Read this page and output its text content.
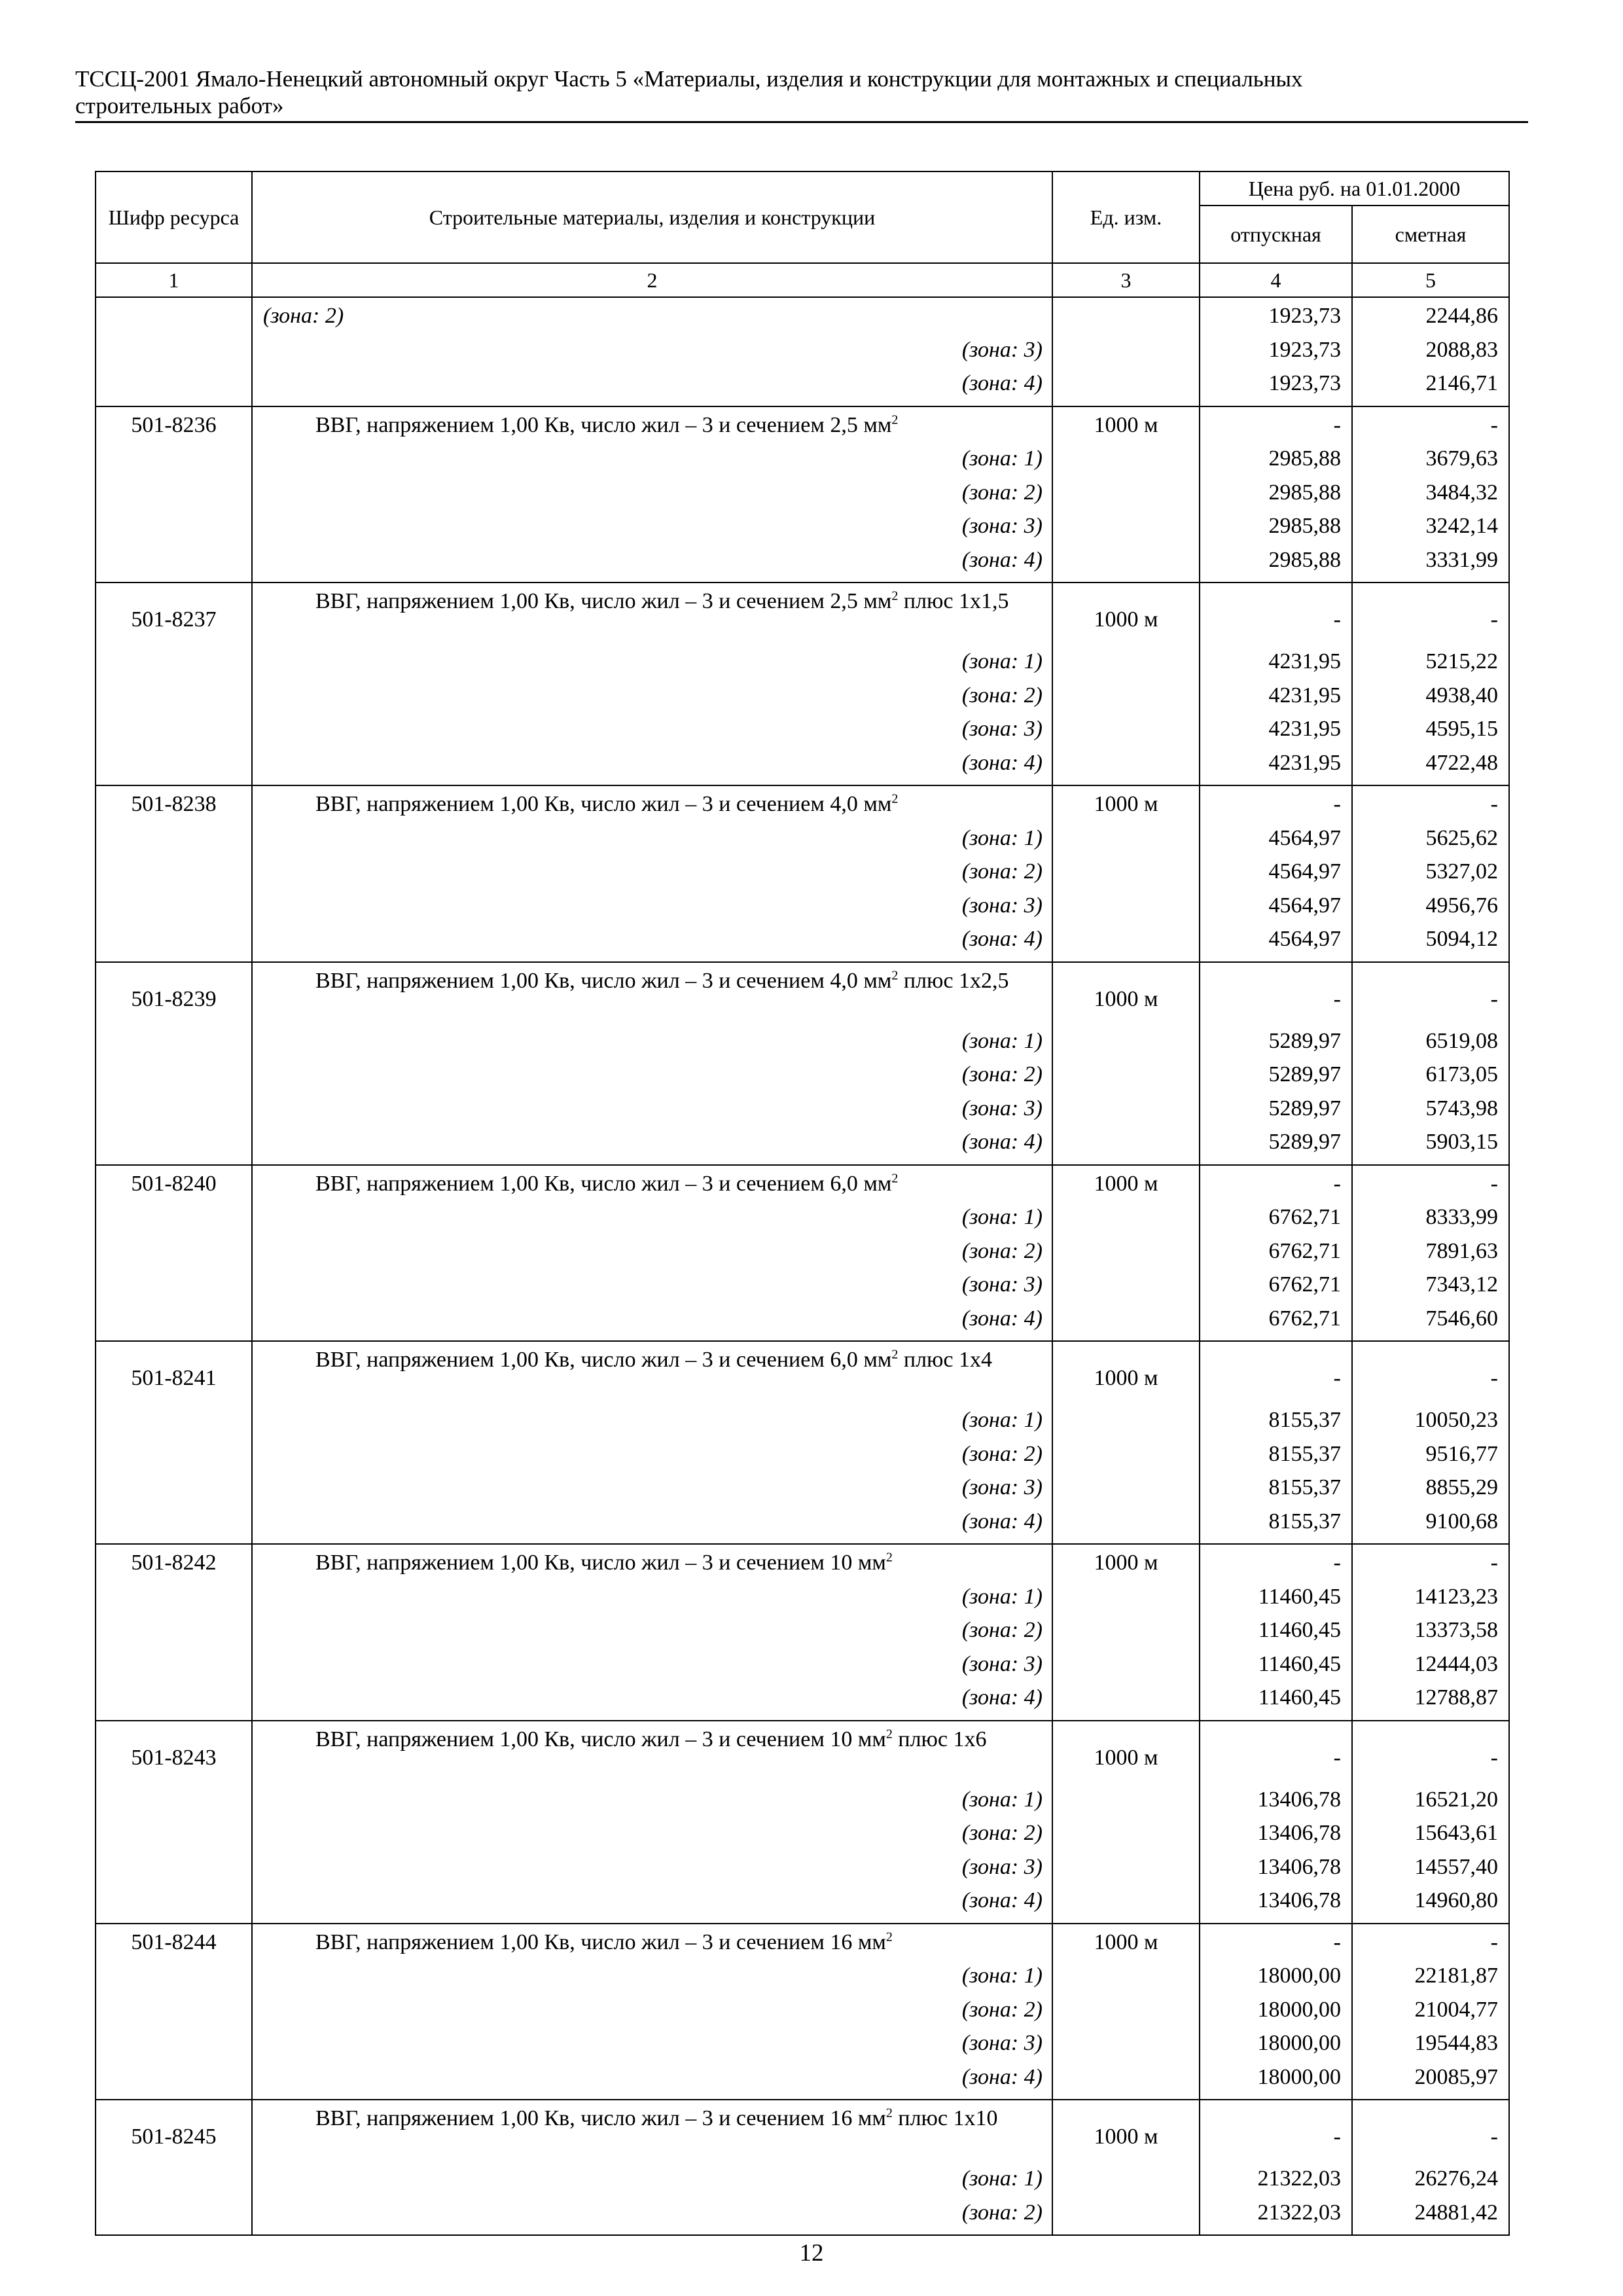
ТССЦ-2001 Ямало-Ненецкий автономный округ Часть 5 «Материалы, изделия и конструкции для монтажных и специальных
строительных работ»
Шифр ресурса	Строительные материалы, изделия и конструкции	Ед. изм.	Цена руб. на 01.01.2000	
			отпускная	сметная
1	2	3	4	5
	(зона: 2)		1923,73	2244,86
	(зона: 3)		1923,73	2088,83
	(зона: 4)		1923,73	2146,71
501-8236	ВВГ, напряжением 1,00 Кв, число жил – 3 и сечением 2,5 $мм^2$	1000 м	-	-
	(зона: 1)		2985,88	3679,63
	(зона: 2)		2985,88	3484,32
	(зона: 3)		2985,88	3242,14
	(зона: 4)		2985,88	3331,99
501-8237	ВВГ, напряжением 1,00 Кв, число жил – 3 и сечением 2,5 $мм^2$ плюс 1х1,5	1000 м	-	-
	(зона: 1)		4231,95	5215,22
	(зона: 2)		4231,95	4938,40
	(зона: 3)		4231,95	4595,15
	(зона: 4)		4231,95	4722,48
501-8238	ВВГ, напряжением 1,00 Кв, число жил – 3 и сечением 4,0 $мм^2$	1000 м	-	-
	(зона: 1)		4564,97	5625,62
	(зона: 2)		4564,97	5327,02
	(зона: 3)		4564,97	4956,76
	(зона: 4)		4564,97	5094,12
501-8239	ВВГ, напряжением 1,00 Кв, число жил – 3 и сечением 4,0 $мм^2$ плюс 1х2,5	1000 м	-	-
	(зона: 1)		5289,97	6519,08
	(зона: 2)		5289,97	6173,05
	(зона: 3)		5289,97	5743,98
	(зона: 4)		5289,97	5903,15
501-8240	ВВГ, напряжением 1,00 Кв, число жил – 3 и сечением 6,0 $мм^2$	1000 м	-	-
	(зона: 1)		6762,71	8333,99
	(зона: 2)		6762,71	7891,63
	(зона: 3)		6762,71	7343,12
	(зона: 4)		6762,71	7546,60
501-8241	ВВГ, напряжением 1,00 Кв, число жил – 3 и сечением 6,0 $мм^2$ плюс 1х4	1000 м	-	-
	(зона: 1)		8155,37	10050,23
	(зона: 2)		8155,37	9516,77
	(зона: 3)		8155,37	8855,29
	(зона: 4)		8155,37	9100,68
501-8242	ВВГ, напряжением 1,00 Кв, число жил – 3 и сечением 10 $мм^2$	1000 м	-	-
	(зона: 1)		11460,45	14123,23
	(зона: 2)		11460,45	13373,58
	(зона: 3)		11460,45	12444,03
	(зона: 4)		11460,45	12788,87
501-8243	ВВГ, напряжением 1,00 Кв, число жил – 3 и сечением 10 $мм^2$ плюс 1х6	1000 м	-	-
	(зона: 1)		13406,78	16521,20
	(зона: 2)		13406,78	15643,61
	(зона: 3)		13406,78	14557,40
	(зона: 4)		13406,78	14960,80
501-8244	ВВГ, напряжением 1,00 Кв, число жил – 3 и сечением 16 $мм^2$	1000 м	-	-
	(зона: 1)		18000,00	22181,87
	(зона: 2)		18000,00	21004,77
	(зона: 3)		18000,00	19544,83
	(зона: 4)		18000,00	20085,97
501-8245	ВВГ, напряжением 1,00 Кв, число жил – 3 и сечением 16 $мм^2$ плюс 1х10	1000 м	-	-
	(зона: 1)		21322,03	26276,24
	(зона: 2)		21322,03	24881,42
12
